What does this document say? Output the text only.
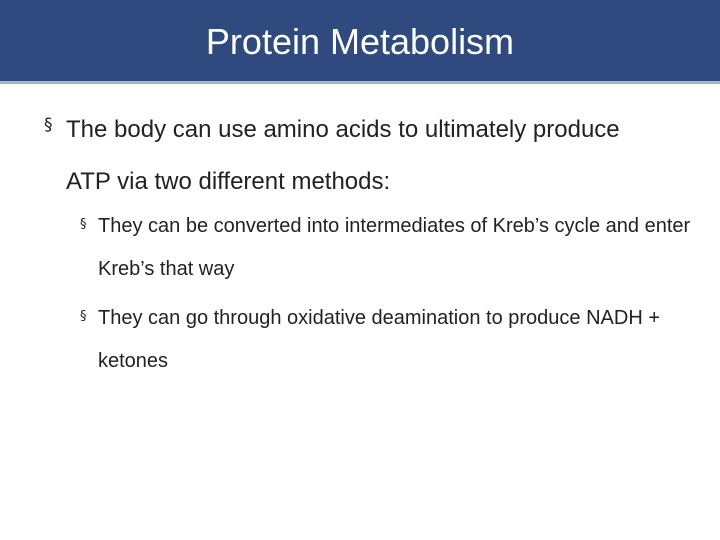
Protein Metabolism
§ The body can use amino acids to ultimately produce ATP via two different methods:
§ They can be converted into intermediates of Kreb’s cycle and enter Kreb’s that way
§ They can go through oxidative deamination to produce NADH + ketones
